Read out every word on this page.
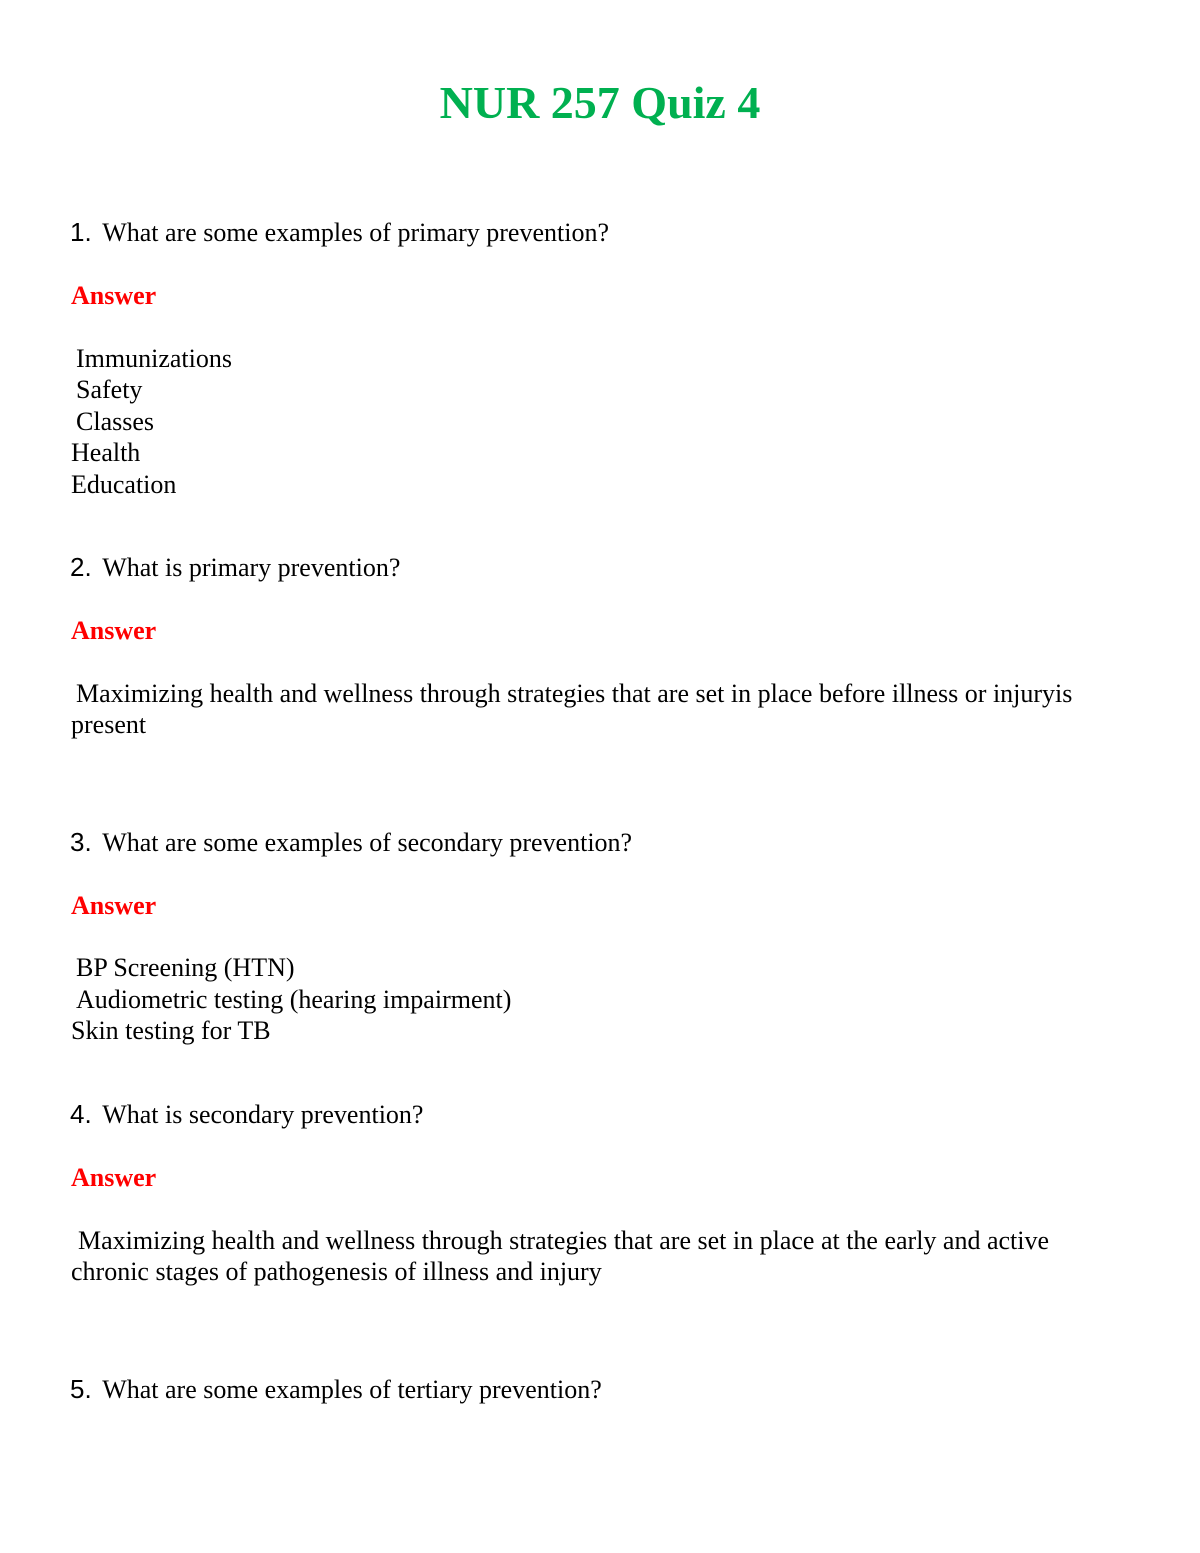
NUR 257 Quiz 4
1. What are some examples of primary prevention?
Answer
Immunizations
Safety
Classes
Health
Education
2. What is primary prevention?
Answer
Maximizing health and wellness through strategies that are set in place before illness or injuryis
present
3. What are some examples of secondary prevention?
Answer
BP Screening (HTN)
Audiometric testing (hearing impairment)
Skin testing for TB
4. What is secondary prevention?
Answer
Maximizing health and wellness through strategies that are set in place at the early and active
chronic stages of pathogenesis of illness and injury
5. What are some examples of tertiary prevention?
